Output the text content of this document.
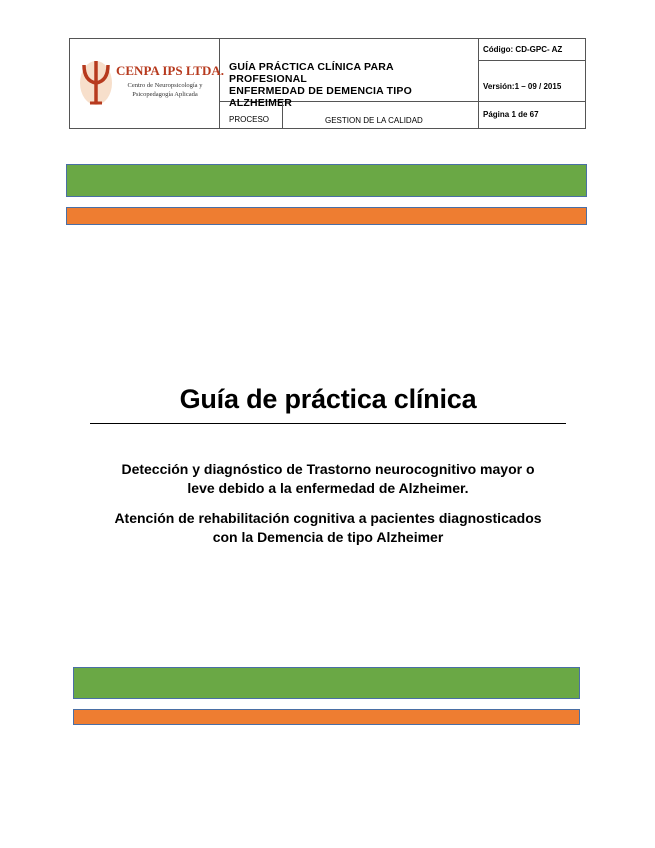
CENPA IPS LTDA.
Centro de Neuropsicología y
Psicopedagogía Aplicada
GUÍA PRÁCTICA CLÍNICA PARA PROFESIONAL
ENFERMEDAD DE DEMENCIA TIPO ALZHEIMER
Código: CD-GPC- AZ
Versión:1 – 09 / 2015
PROCESO	GESTION DE LA CALIDAD
Página 1 de 67
Guía de práctica clínica
Detección y diagnóstico de Trastorno neurocognitivo mayor o
leve debido a la enfermedad de Alzheimer.
Atención de rehabilitación cognitiva a pacientes diagnosticados
con la Demencia de tipo Alzheimer
